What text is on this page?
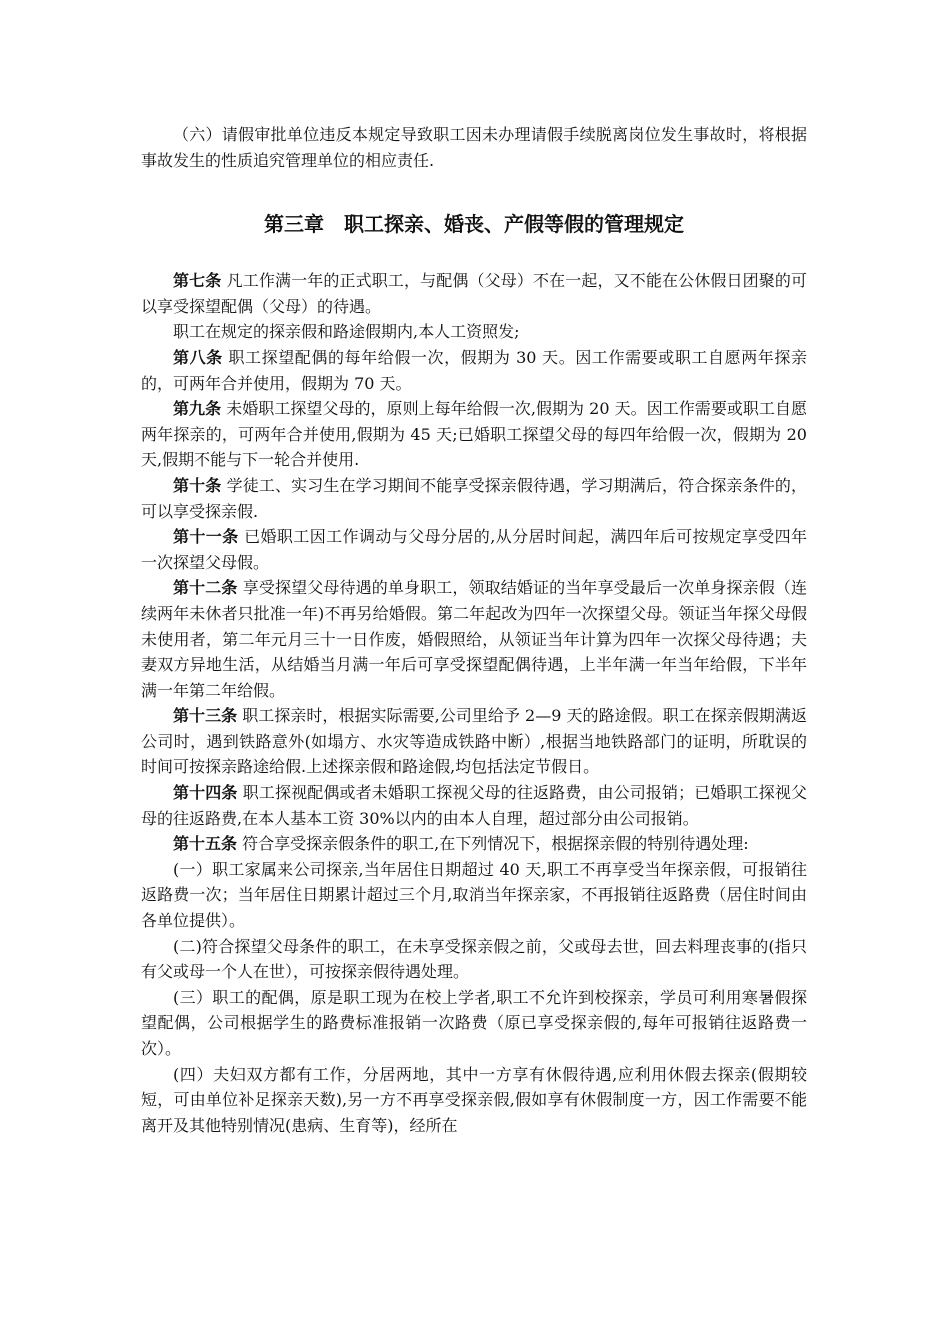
（六）请假审批单位违反本规定导致职工因未办理请假手续脱离岗位发生事故时，将根据事故发生的性质追究管理单位的相应责任.

第三章　职工探亲、婚丧、产假等假的管理规定

第七条 凡工作满一年的正式职工，与配偶（父母）不在一起，又不能在公休假日团聚的可以享受探望配偶（父母）的待遇。

职工在规定的探亲假和路途假期内,本人工资照发;

第八条 职工探望配偶的每年给假一次，假期为 30 天。因工作需要或职工自愿两年探亲的，可两年合并使用，假期为 70 天。

第九条 未婚职工探望父母的，原则上每年给假一次,假期为 20 天。因工作需要或职工自愿两年探亲的，可两年合并使用,假期为 45 天;已婚职工探望父母的每四年给假一次，假期为 20 天,假期不能与下一轮合并使用.

第十条 学徒工、实习生在学习期间不能享受探亲假待遇，学习期满后，符合探亲条件的，可以享受探亲假.

第十一条 已婚职工因工作调动与父母分居的,从分居时间起，满四年后可按规定享受四年一次探望父母假。

第十二条 享受探望父母待遇的单身职工，领取结婚证的当年享受最后一次单身探亲假（连续两年未休者只批准一年)不再另给婚假。第二年起改为四年一次探望父母。领证当年探父母假未使用者，第二年元月三十一日作废，婚假照给，从领证当年计算为四年一次探父母待遇；夫妻双方异地生活，从结婚当月满一年后可享受探望配偶待遇，上半年满一年当年给假，下半年满一年第二年给假。

第十三条 职工探亲时，根据实际需要,公司里给予 2—9 天的路途假。职工在探亲假期满返公司时，遇到铁路意外(如塌方、水灾等造成铁路中断）,根据当地铁路部门的证明，所耽误的时间可按探亲路途给假.上述探亲假和路途假,均包括法定节假日。

第十四条 职工探视配偶或者未婚职工探视父母的往返路费，由公司报销；已婚职工探视父母的往返路费,在本人基本工资 30%以内的由本人自理，超过部分由公司报销。

第十五条 符合享受探亲假条件的职工,在下列情况下，根据探亲假的特别待遇处理:

(一）职工家属来公司探亲,当年居住日期超过 40 天,职工不再享受当年探亲假，可报销往返路费一次；当年居住日期累计超过三个月,取消当年探亲家，不再报销往返路费（居住时间由各单位提供）。

(二)符合探望父母条件的职工，在未享受探亲假之前，父或母去世，回去料理丧事的(指只有父或母一个人在世），可按探亲假待遇处理。

(三）职工的配偶，原是职工现为在校上学者,职工不允许到校探亲，学员可利用寒暑假探望配偶，公司根据学生的路费标准报销一次路费（原已享受探亲假的,每年可报销往返路费一次）。

(四）夫妇双方都有工作，分居两地，其中一方享有休假待遇,应利用休假去探亲(假期较短，可由单位补足探亲天数),另一方不再享受探亲假,假如享有休假制度一方，因工作需要不能离开及其他特别情况(患病、生育等)，经所在
